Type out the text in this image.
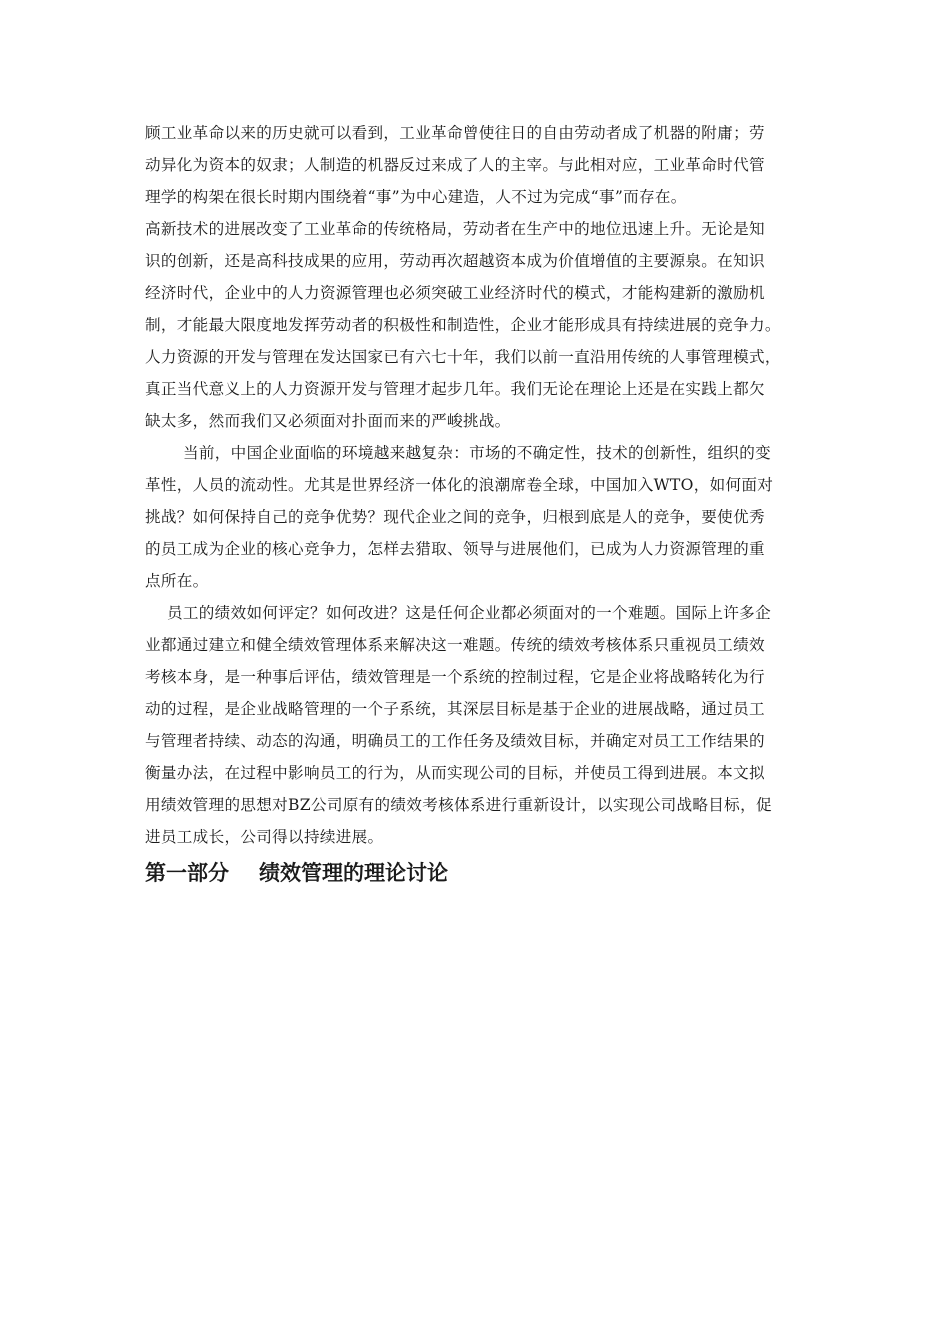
顾工业革命以来的历史就可以看到，工业革命曾使往日的自由劳动者成了机器的附庸；劳
动异化为资本的奴隶；人制造的机器反过来成了人的主宰。与此相对应，工业革命时代管
理学的构架在很长时期内围绕着“事”为中心建造，人不过为完成“事”而存在。
高新技术的进展改变了工业革命的传统格局，劳动者在生产中的地位迅速上升。无论是知
识的创新，还是高科技成果的应用，劳动再次超越资本成为价值增值的主要源泉。在知识
经济时代，企业中的人力资源管理也必须突破工业经济时代的模式，才能构建新的激励机
制，才能最大限度地发挥劳动者的积极性和制造性，企业才能形成具有持续进展的竞争力。
人力资源的开发与管理在发达国家已有六七十年，我们以前一直沿用传统的人事管理模式，
真正当代意义上的人力资源开发与管理才起步几年。我们无论在理论上还是在实践上都欠
缺太多，然而我们又必须面对扑面而来的严峻挑战。
当前，中国企业面临的环境越来越复杂：市场的不确定性，技术的创新性，组织的变
革性，人员的流动性。尤其是世界经济一体化的浪潮席卷全球，中国加入WTO，如何面对
挑战？如何保持自己的竞争优势？现代企业之间的竞争，归根到底是人的竞争，要使优秀
的员工成为企业的核心竞争力，怎样去猎取、领导与进展他们，已成为人力资源管理的重
点所在。
员工的绩效如何评定？如何改进？这是任何企业都必须面对的一个难题。国际上许多企
业都通过建立和健全绩效管理体系来解决这一难题。传统的绩效考核体系只重视员工绩效
考核本身，是一种事后评估，绩效管理是一个系统的控制过程，它是企业将战略转化为行
动的过程，是企业战略管理的一个子系统，其深层目标是基于企业的进展战略，通过员工
与管理者持续、动态的沟通，明确员工的工作任务及绩效目标，并确定对员工工作结果的
衡量办法，在过程中影响员工的行为，从而实现公司的目标，并使员工得到进展。本文拟
用绩效管理的思想对BZ公司原有的绩效考核体系进行重新设计，以实现公司战略目标，促
进员工成长，公司得以持续进展。
第一部分 绩效管理的理论讨论
